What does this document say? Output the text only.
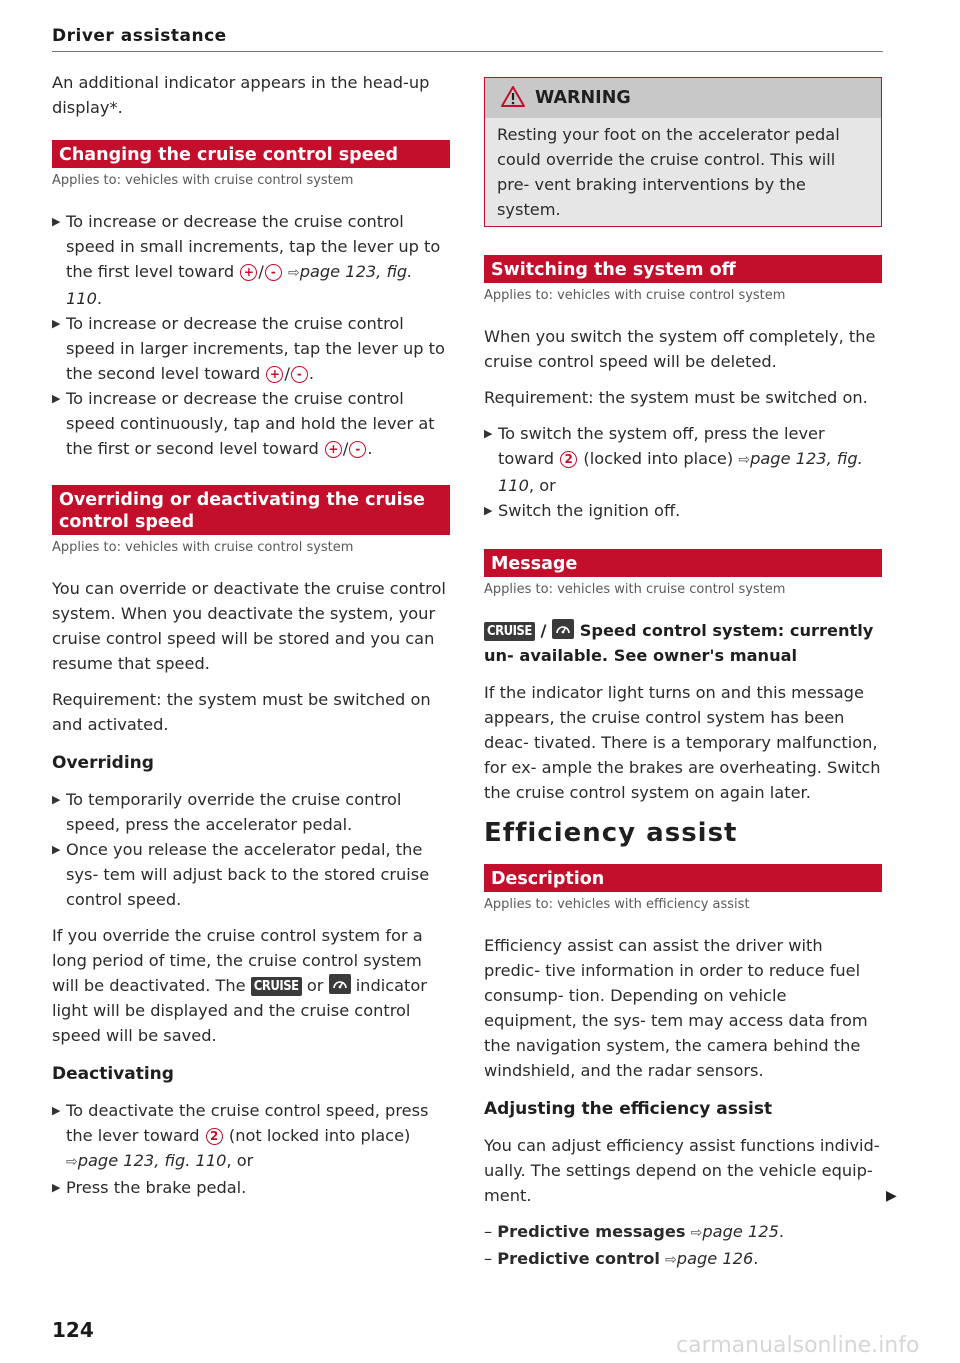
Driver assistance

An additional indicator appears in the head-up display*.

Changing the cruise control speed
Applies to: vehicles with cruise control system
▶ To increase or decrease the cruise control speed in small increments, tap the lever up to the first level toward + / - ⇨page 123, fig. 110.
▶ To increase or decrease the cruise control speed in larger increments, tap the lever up to the second level toward + / - .
▶ To increase or decrease the cruise control speed continuously, tap and hold the lever at the first or second level toward + / - .
Overriding or deactivating the cruise
control speed
Applies to: vehicles with cruise control system

You can override or deactivate the cruise control system. When you deactivate the system, your cruise control speed will be stored and you can resume that speed.

Requirement: the system must be switched on and activated.

Overriding
▶ To temporarily override the cruise control speed, press the accelerator pedal.
▶ Once you release the accelerator pedal, the sys- tem will adjust back to the stored cruise control speed.

If you override the cruise control system for a long period of time, the cruise control system will be deactivated. The CRUISE or indicator light will be displayed and the cruise control speed will be saved.

Deactivating
▶ To deactivate the cruise control speed, press the lever toward 2 (not locked into place) ⇨page 123, fig. 110, or
▶ Press the brake pedal.
WARNING
Resting your foot on the accelerator pedal could override the cruise control. This will pre- vent braking interventions by the system.
Switching the system off
Applies to: vehicles with cruise control system

When you switch the system off completely, the cruise control speed will be deleted.

Requirement: the system must be switched on.

▶ To switch the system off, press the lever toward 2 (locked into place) ⇨page 123, fig. 110, or
▶ Switch the ignition off.
Message
Applies to: vehicles with cruise control system

CRUISE / Speed control system: currently un- available. See owner's manual

If the indicator light turns on and this message appears, the cruise control system has been deac- tivated. There is a temporary malfunction, for ex- ample the brakes are overheating. Switch the cruise control system on again later.

Efficiency assist
Description
Applies to: vehicles with efficiency assist

Efficiency assist can assist the driver with predic- tive information in order to reduce fuel consump- tion. Depending on vehicle equipment, the sys- tem may access data from the navigation system, the camera behind the windshield, and the radar sensors.

Adjusting the efficiency assist

You can adjust efficiency assist functions individ- ually. The settings depend on the vehicle equip- ment.

– Predictive messages ⇨page 125.
– Predictive control ⇨page 126.
▶
124
carmanualsonline.info
